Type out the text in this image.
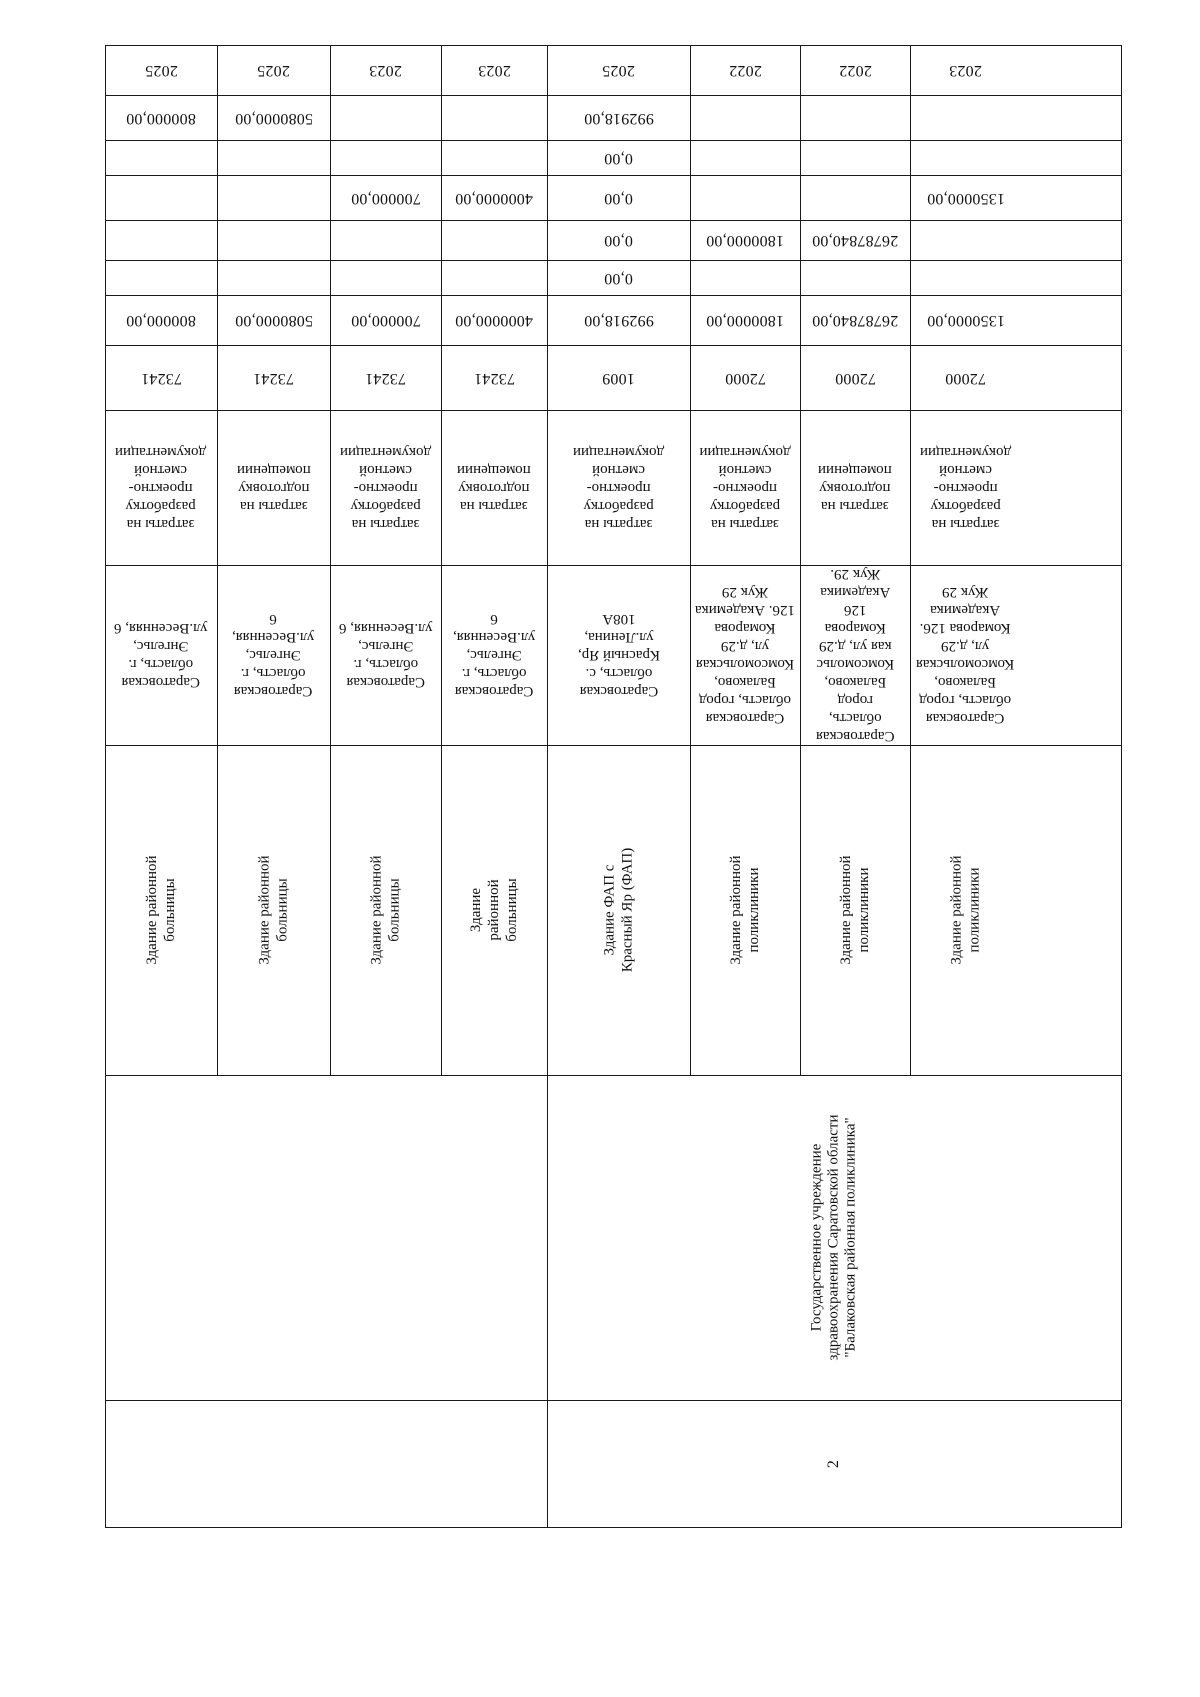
2023
1350000,00
1350000,00
72000
затраты на
разработку
проектно-
сметной
документации
Саратовская
область, город
Балаково,
Комсомольская
ул, д.29
Комарова 126.
Академика
Жук 29
Здание районной поликлиники
2022
26787840,00
26787840,00
72000
затраты на
подготовку
помещении
Саратовская
область,
город
Балаково,
Комсомольс
кая ул, д.29
Комарова
126
Академика
Жук 29.
Здание районной поликлиники
2022
1800000,00
1800000,00
72000
затраты на
разработку
проектно-сметной
документации
Саратовская
область, город
Балаково,
Комсомольская
ул, д.29 Комарова
126. Академика
Жук 29
Здание районной поликлиники
2025
992918,00
0,00
0,00
0,00
0,00
992918,00
1009
затраты на
разработку
проектно-
сметной
документации
Саратовская
область, с.
Красный Яр,
ул.Ленина,
108А
Здание ФАП с Красный Яр (ФАП)
2023
4000000,00
4000000,00
73241
затраты на
подготовку
помещении
Саратовская
область, г.
Энгельс,
ул.Весенняя,
6
Здание районной больницы
2023
700000,00
700000,00
73241
затраты на
разработку
проектно-
сметной
документации
Саратовская
область, г.
Энгельс,
ул.Весенняя, 6
Здание районной больницы
2025
5080000,00
5080000,00
73241
затраты на
подготовку
помещении
Саратовская
область, г.
Энгельс,
ул.Весенняя,
6
Здание районной больницы
2025
800000,00
800000,00
73241
затраты на
разработку
проектно-
сметной
документации
Саратовская
область, г.
Энгельс,
ул.Весенняя, 6
Здание районной больницы
Государственное учреждение
здравоохранения Саратовской области
"Балаковская районная поликлиника"
2
